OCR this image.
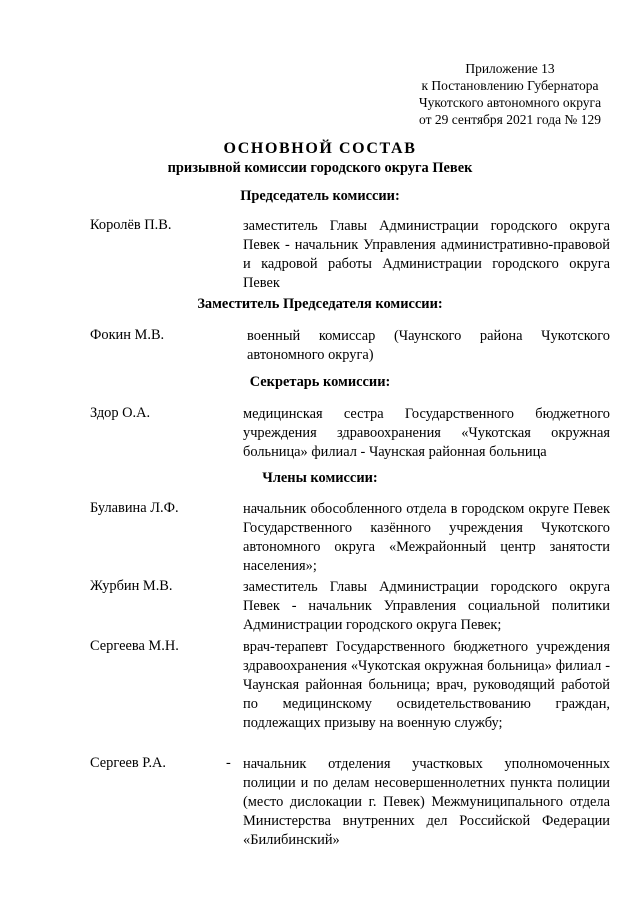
Приложение 13
к Постановлению Губернатора
Чукотского автономного округа
от 29 сентября 2021 года № 129
ОСНОВНОЙ СОСТАВ
призывной комиссии городского округа Певек
Председатель комиссии:
Королёв П.В.	заместитель Главы Администрации городского округа Певек - начальник Управления административно-правовой и кадровой работы Администрации городского округа Певек
Заместитель Председателя комиссии:
Фокин М.В.	военный комиссар (Чаунского района Чукотского автономного округа)
Секретарь комиссии:
Здор О.А.	медицинская сестра Государственного бюджетного учреждения здравоохранения «Чукотская окружная больница» филиал - Чаунская районная больница
Члены комиссии:
Булавина Л.Ф.	начальник обособленного отдела в городском округе Певек Государственного казённого учреждения Чукотского автономного округа «Межрайонный центр занятости населения»;
Журбин М.В.	заместитель Главы Администрации городского округа Певек - начальник Управления социальной политики Администрации городского округа Певек;
Сергеева М.Н.	врач-терапевт Государственного бюджетного учреждения здравоохранения «Чукотская окружная больница» филиал - Чаунская районная больница; врач, руководящий работой по медицинскому освидетельствованию граждан, подлежащих призыву на военную службу;
Сергеев Р.А.	- начальник отделения участковых уполномоченных полиции и по делам несовершеннолетних пункта полиции (место дислокации г. Певек) Межмуниципального отдела Министерства внутренних дел Российской Федерации «Билибинский»
